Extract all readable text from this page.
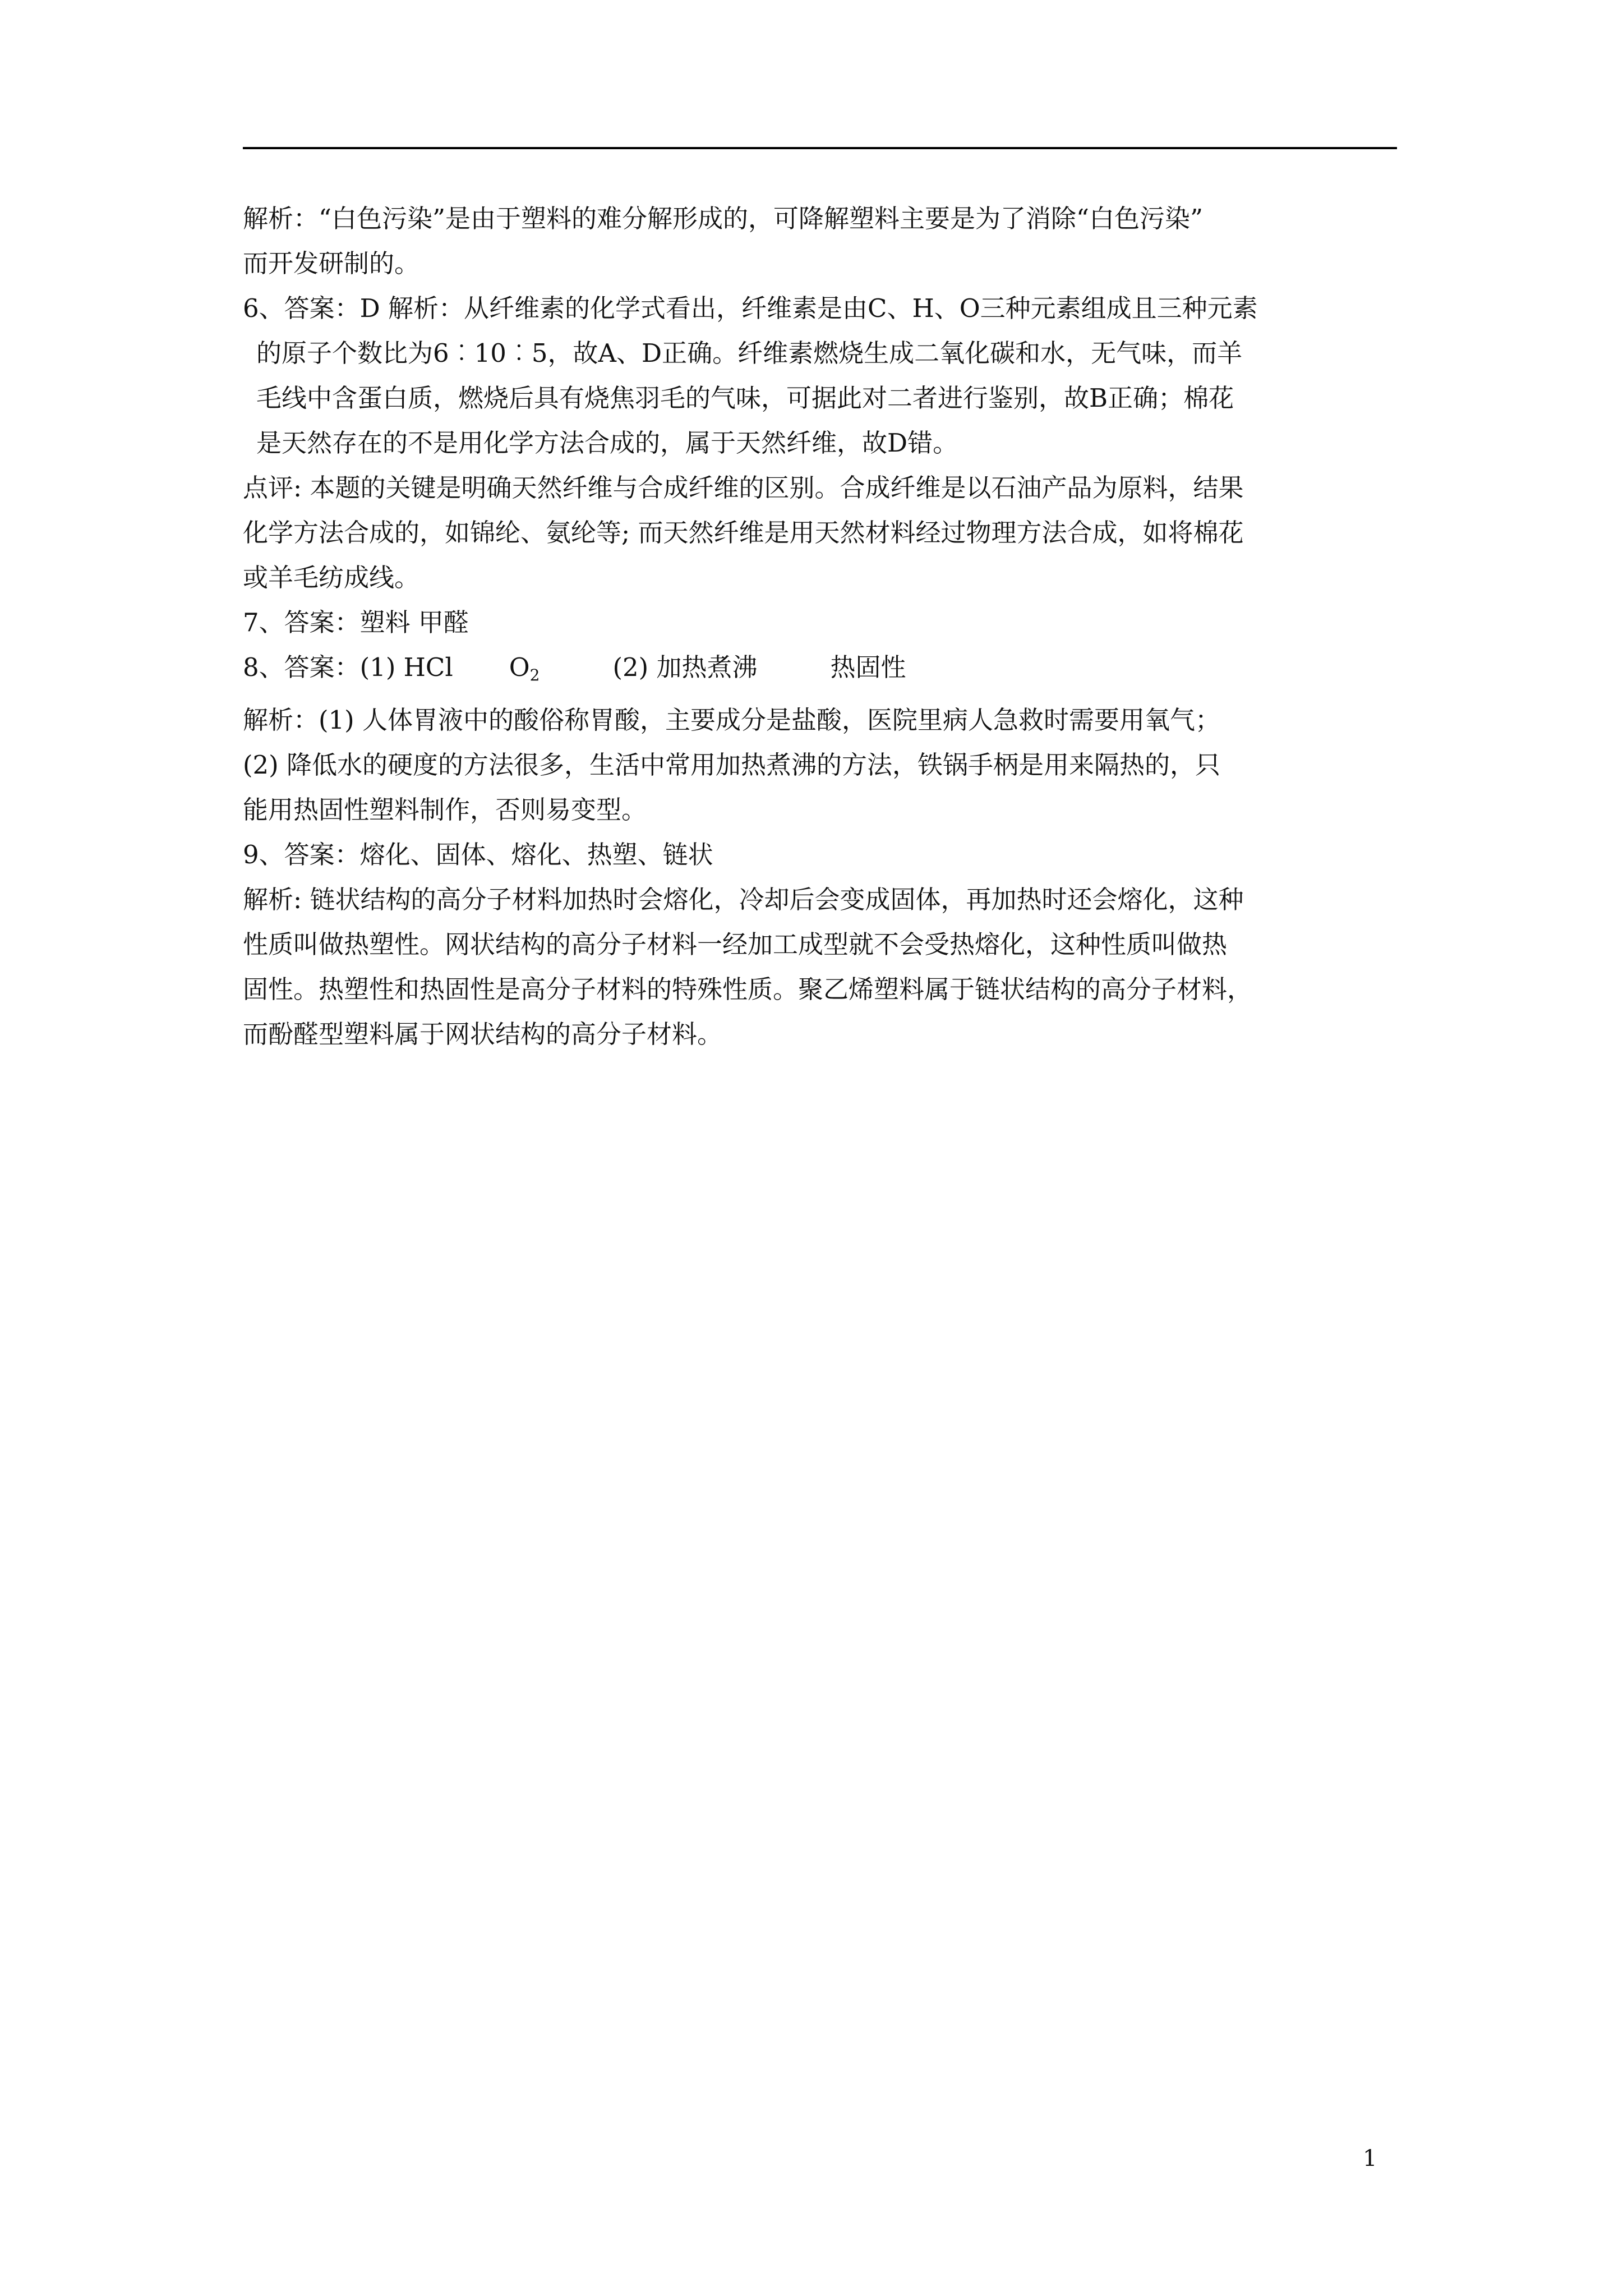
解析：“白色污染”是由于塑料的难分解形成的，可降解塑料主要是为了消除“白色污染”

而开发研制的。

6、答案：D 解析：从纤维素的化学式看出，纤维素是由C、H、O三种元素组成且三种元素

的原子个数比为6︰10︰5，故A、D正确。纤维素燃烧生成二氧化碳和水，无气味，而羊

毛线中含蛋白质，燃烧后具有烧焦羽毛的气味，可据此对二者进行鉴别，故B正确；棉花

是天然存在的不是用化学方法合成的，属于天然纤维，故D错。

点评: 本题的关键是明确天然纤维与合成纤维的区别。合成纤维是以石油产品为原料，结果

化学方法合成的，如锦纶、氨纶等; 而天然纤维是用天然材料经过物理方法合成，如将棉花

或羊毛纺成线。

7、答案：塑料 甲醛

8、答案：(1) HCl $O_2$	(2) 加热煮沸	热固性

解析：(1) 人体胃液中的酸俗称胃酸，主要成分是盐酸，医院里病人急救时需要用氧气；

(2) 降低水的硬度的方法很多，生活中常用加热煮沸的方法，铁锅手柄是用来隔热的，只

能用热固性塑料制作，否则易变型。

9、答案：熔化、固体、熔化、热塑、链状

解析: 链状结构的高分子材料加热时会熔化，冷却后会变成固体，再加热时还会熔化，这种

性质叫做热塑性。网状结构的高分子材料一经加工成型就不会受热熔化，这种性质叫做热

固性。热塑性和热固性是高分子材料的特殊性质。聚乙烯塑料属于链状结构的高分子材料，

而酚醛型塑料属于网状结构的高分子材料。

1
